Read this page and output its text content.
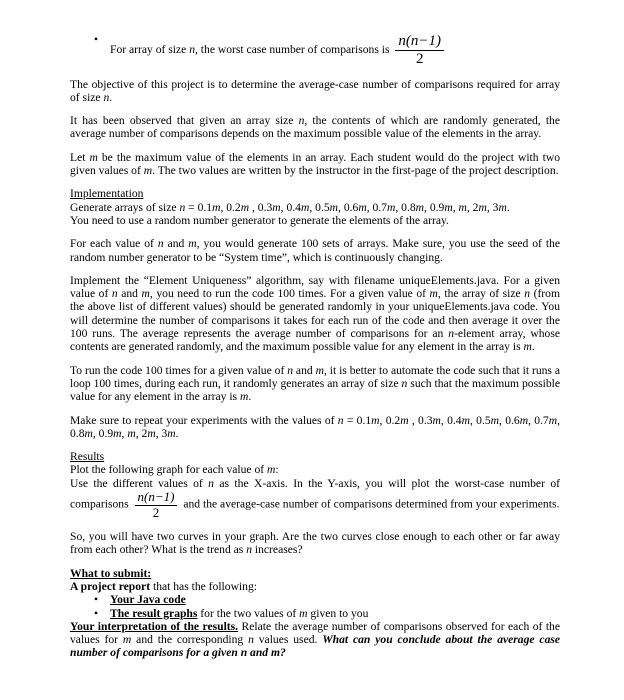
•
For array of size n, the worst case number of comparisons is $\frac{n(n-1)}{2}$
The objective of this project is to determine the average-case number of comparisons required for array of size n.
It has been observed that given an array size n, the contents of which are randomly generated, the average number of comparisons depends on the maximum possible value of the elements in the array.
Let m be the maximum value of the elements in an array. Each student would do the project with two given values of m. The two values are written by the instructor in the first-page of the project description.
Implementation
Generate arrays of size n = 0.1m, 0.2m , 0.3m, 0.4m, 0.5m, 0.6m, 0.7m, 0.8m, 0.9m, m, 2m, 3m.
You need to use a random number generator to generate the elements of the array.
For each value of n and m, you would generate 100 sets of arrays. Make sure, you use the seed of the random number generator to be “System time”, which is continuously changing.
Implement the “Element Uniqueness” algorithm, say with filename uniqueElements.java. For a given value of n and m, you need to run the code 100 times. For a given value of m, the array of size n (from the above list of different values) should be generated randomly in your uniqueElements.java code. You will determine the number of comparisons it takes for each run of the code and then average it over the 100 runs. The average represents the average number of comparisons for an n-element array, whose contents are generated randomly, and the maximum possible value for any element in the array is m.
To run the code 100 times for a given value of n and m, it is better to automate the code such that it runs a loop 100 times, during each run, it randomly generates an array of size n such that the maximum possible value for any element in the array is m.
Make sure to repeat your experiments with the values of n = 0.1m, 0.2m , 0.3m, 0.4m, 0.5m, 0.6m, 0.7m, 0.8m, 0.9m, m, 2m, 3m.
Results
Plot the following graph for each value of m:
Use the different values of n as the X-axis. In the Y-axis, you will plot the worst-case number of comparisons $\frac{n(n-1)}{2}$ and the average-case number of comparisons determined from your experiments.
So, you will have two curves in your graph. Are the two curves close enough to each other or far away from each other? What is the trend as n increases?
What to submit:
A project report that has the following:
• Your Java code
• The result graphs for the two values of m given to you
Your interpretation of the results. Relate the average number of comparisons observed for each of the values for m and the corresponding n values used. What can you conclude about the average case number of comparisons for a given n and m?
